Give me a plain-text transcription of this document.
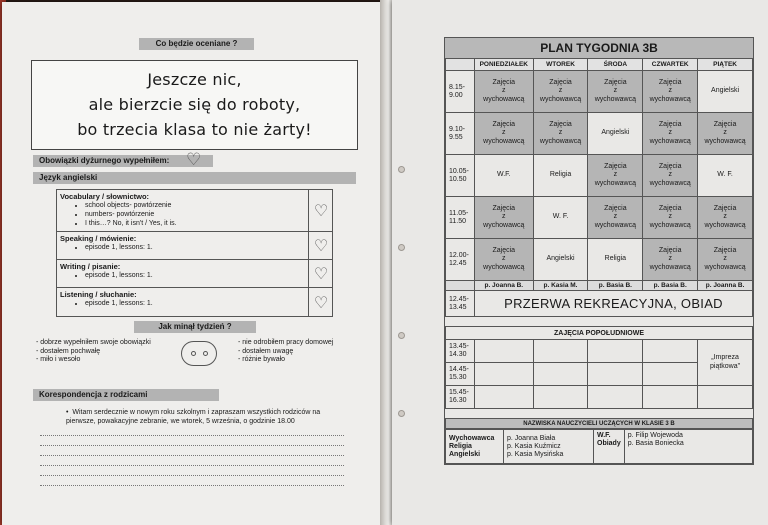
Co będzie oceniane ?
Jeszcze nic,
ale bierzcie się do roboty,
bo trzecia klasa to nie żarty!
Obowiązki dyżurnego wypełniłem: ♡
Język angielski
Vocabulary / słownictwo:
• school objects- powtórzenie
• numbers- powtórzenie
• I this…? No, it isn't / Yes, it is.
♡
Speaking / mówienie:
• episode 1, lessons: 1.	♡
Writing / pisanie:
• episode 1, lessons: 1.	♡
Listening / słuchanie:
• episode 1, lessons: 1.	♡
Jak minął tydzień ?
- dobrze wypełniłem swoje obowiązki
- dostałem pochwałę
- miło i wesoło
- nie odrobiłem pracy domowej
- dostałem uwagę
- różnie bywało
Korespondencja z rodzicami
•  Witam serdecznie w nowym roku szkolnym i zapraszam wszystkich rodziców na pierwsze, powakacyjne zebranie, we wtorek, 5 września, o godzinie 18.00
PLAN TYGODNIA 3B
	PONIEDZIAŁEK	WTOREK	ŚRODA	CZWARTEK	PIĄTEK
8.15-
9.00	Zajęcia
z
wychowawcą	Zajęcia
z
wychowawcą	Zajęcia
z
wychowawcą	Zajęcia
z
wychowawcą	Angielski
9.10-
9.55	Zajęcia
z
wychowawcą	Zajęcia
z
wychowawcą	Angielski	Zajęcia
z
wychowawcą	Zajęcia
z
wychowawcą
10.05-
10.50	W.F.	Religia	Zajęcia
z
wychowawcą	Zajęcia
z
wychowawcą	W. F.
11.05-
11.50	Zajęcia
z
wychowawcą	W. F.	Zajęcia
z
wychowawcą	Zajęcia
z
wychowawcą	Zajęcia
z
wychowawcą
12.00-
12.45	Zajęcia
z
wychowawcą	Angielski	Religia	Zajęcia
z
wychowawcą	Zajęcia
z
wychowawcą
	p. Joanna B.	p. Kasia M.	p. Basia B.	p. Basia B.	p. Joanna B.
12.45-
13.45	PRZERWA REKREACYJNA, OBIAD				

ZAJĘCIA POPOŁUDNIOWE					
13.45-
14.30					„Impreza
piątkowa"
14.45-
15.30					
15.45-
16.30					

NAZWISKA NAUCZYCIELI UCZĄCYCH W KLASIE 3 B					
Wychowawca
Religia
Angielski	p. Joanna Biała
p. Kasia Kuźmicz
p. Kasia Mysińska	W.F.
Obiady	p. Filip Wojewoda
p. Basia Boniecka
